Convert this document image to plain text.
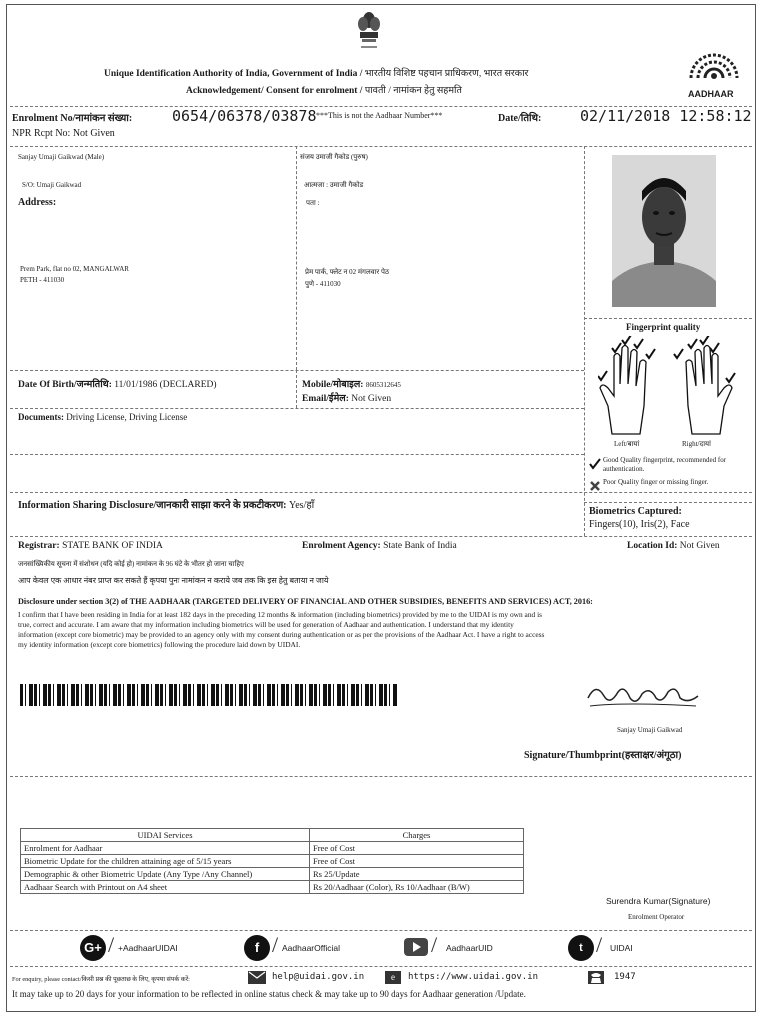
Unique Identification Authority of India, Government of India / भारतीय विशिष्ट पहचान प्राधिकरण, भारत सरकार
Acknowledgement/ Consent for enrolment / पावती / नामांकन हेतु सहमति	AADHAAR
Enrolment No/नामांकन संख्या:	0654/06378/03878 ***This is not the Aadhaar Number***	Date/तिथि:	02/11/2018 12:58:12
NPR Rcpt No: Not Given
Sanjay Umaji Gaikwad (Male)
S/O: Umaji Gaikwad
Address:
Prem Park, flat no 02, MANGALWAR
PETH - 411030
संजय उमाजी गैकोड (पुरुष)
आत्मजा : उमाजी गैकोड
पता :
प्रेम पार्क, फ्लेट न 02 मंगलवार पेठ
पुणे - 411030
Fingerprint quality
Left/बायां	Right/दायां
Good Quality fingerprint, recommended for authentication.
Poor Quality finger or missing finger.
Biometrics Captured:
Fingers(10), Iris(2), Face
Date Of Birth/जन्मतिथि: 11/01/1986 (DECLARED)	Mobile/मोबाइल: 8605312645
Email/ईमेल: Not Given
Documents: Driving License, Driving License
Information Sharing Disclosure/जानकारी साझा करने के प्रकटीकरण: Yes/हाँ
Registrar: STATE BANK OF INDIA	Enrolment Agency: State Bank of India	Location Id: Not Given
जनसांख्यिकीय सूचना में संशोधन (यदि कोई हो) नामांकन के 96 घंटे के भीतर हो जाना चाहिए
आप केवल एक आधार नंबर प्राप्त कर सकते हैं कृपया पुनः नामांकन न कराये जब तक कि इस हेतु बताया न जाये
Disclosure under section 3(2) of THE AADHAAR (TARGETED DELIVERY OF FINANCIAL AND OTHER SUBSIDIES, BENEFITS AND SERVICES) ACT, 2016:
I confirm that I have been residing in India for at least 182 days in the preceding 12 months & information (including biometrics) provided by me to the UIDAI is my own and is
true, correct and accurate. I am aware that my information including biometrics will be used for generation of Aadhaar and authentication. I understand that my identity
information (except core biometric) may be provided to an agency only with my consent during authentication or as per the provisions of the Aadhaar Act. I have a right to access
my identity information (except core biometrics) following the procedure laid down by UIDAI.
Sanjay Umaji Gaikwad
Signature/Thumbprint(हस्ताक्षर/अंगूठा)
UIDAI Services	Charges
Enrolment for Aadhaar	Free of Cost
Biometric Update for the children attaining age of 5/15 years	Free of Cost
Demographic & other Biometric Update (Any Type /Any Channel)	Rs 25/Update
Aadhaar Search with Printout on A4 sheet	Rs 20/Aadhaar (Color), Rs 10/Aadhaar (B/W)
Surendra Kumar(Signature)
Enrolment Operator
G+ / +AadhaarUIDAI	f / AadhaarOfficial	/ AadhaarUID	t / UIDAI
For enquiry, please contact/किसी प्रश्न की पूछताछ के लिए, कृपया संपर्क करें:	help@uidai.gov.in	e	https://www.uidai.gov.in	1947
It may take up to 20 days for your information to be reflected in online status check & may take up to 90 days for Aadhaar generation /Update.
